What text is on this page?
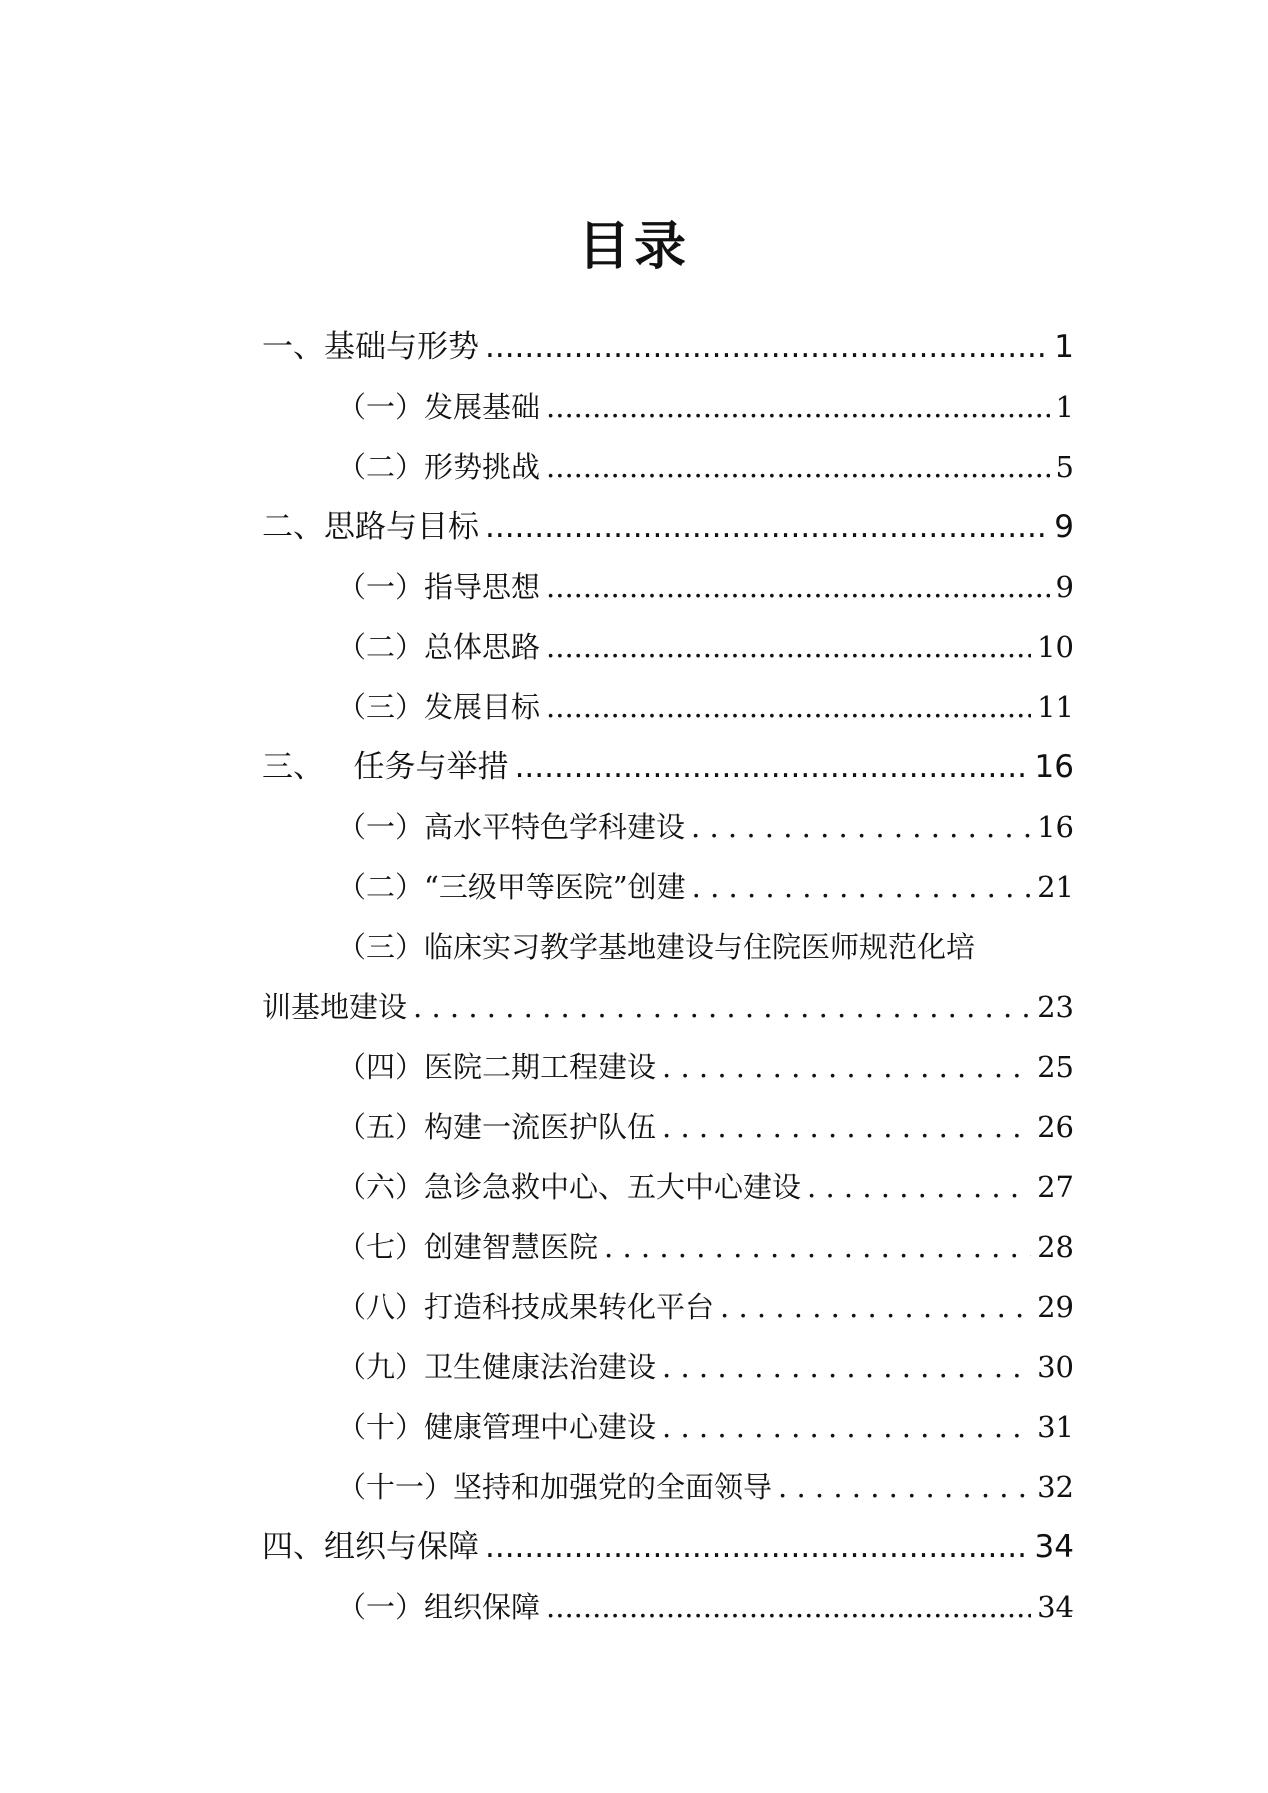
目录
一、基础与形势 .....	1
（一）发展基础 .....	1
（二）形势挑战 .....	5
二、思路与目标 .....	9
（一）指导思想 .....	9
（二）总体思路 .....	10
（三）发展目标 .....	11
三、   任务与举措 .....	16
（一）高水平特色学科建设 . . .	16
（二）“三级甲等医院”创建 . . .	21
（三）临床实习教学基地建设与住院医师规范化培
训基地建设 . . .	23
（四）医院二期工程建设 . . .	25
（五）构建一流医护队伍 . . .	26
（六）急诊急救中心、五大中心建设 . . .	27
（七）创建智慧医院 . . .	28
（八）打造科技成果转化平台 . . .	29
（九）卫生健康法治建设 . . .	30
（十）健康管理中心建设 . . .	31
（十一）坚持和加强党的全面领导 . . .	32
四、组织与保障 .....	34
（一）组织保障 .....	34
